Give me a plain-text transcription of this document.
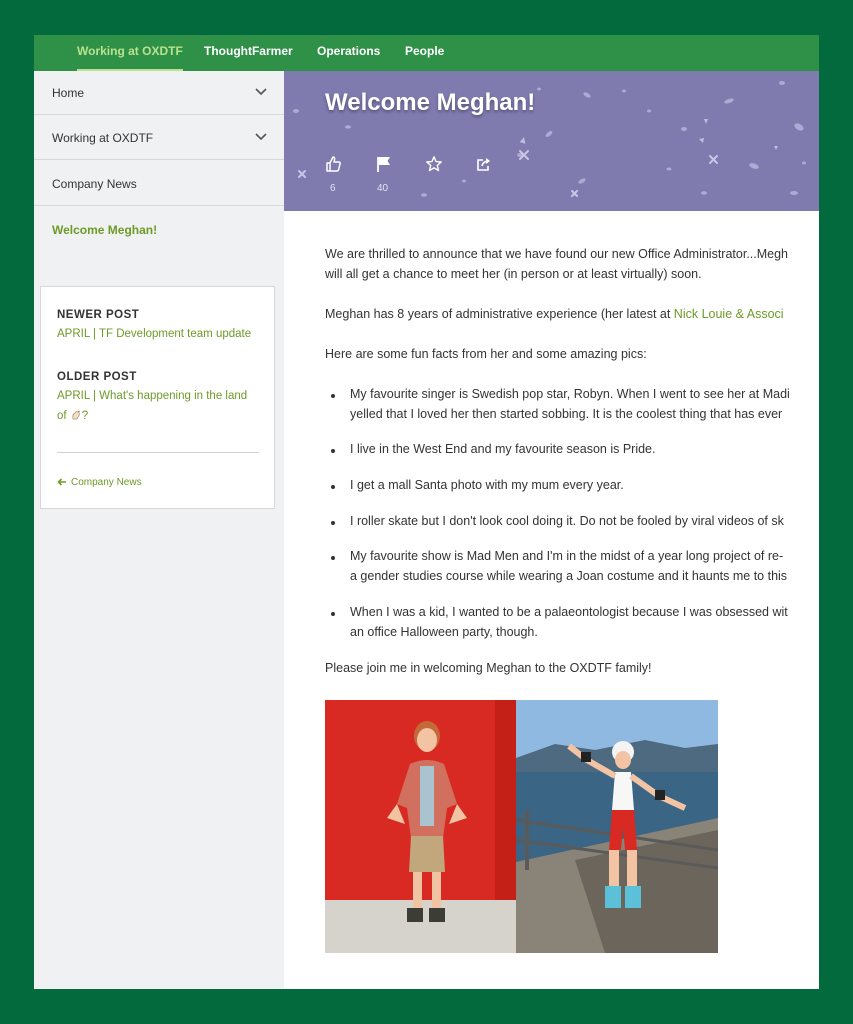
Working at OXDTF ThoughtFarmer Operations People
Home
Working at OXDTF
Company News
Welcome Meghan!
NEWER POST
APRIL | TF Development team update
OLDER POST
APRIL | What's happening in the land
of ?
Company News
Welcome Meghan!
6	40
We are thrilled to announce that we have found our new Office Administrator...Megh
will all get a chance to meet her (in person or at least virtually) soon.
Meghan has 8 years of administrative experience (her latest at Nick Louie & Associ
Here are some fun facts from her and some amazing pics:
My favourite singer is Swedish pop star, Robyn. When I went to see her at Madi
yelled that I loved her then started sobbing. It is the coolest thing that has ever
I live in the West End and my favourite season is Pride.
I get a mall Santa photo with my mum every year.
I roller skate but I don't look cool doing it. Do not be fooled by viral videos of sk
My favourite show is Mad Men and I'm in the midst of a year long project of re-
a gender studies course while wearing a Joan costume and it haunts me to this
When I was a kid, I wanted to be a palaeontologist because I was obsessed wit
an office Halloween party, though.
Please join me in welcoming Meghan to the OXDTF family!
